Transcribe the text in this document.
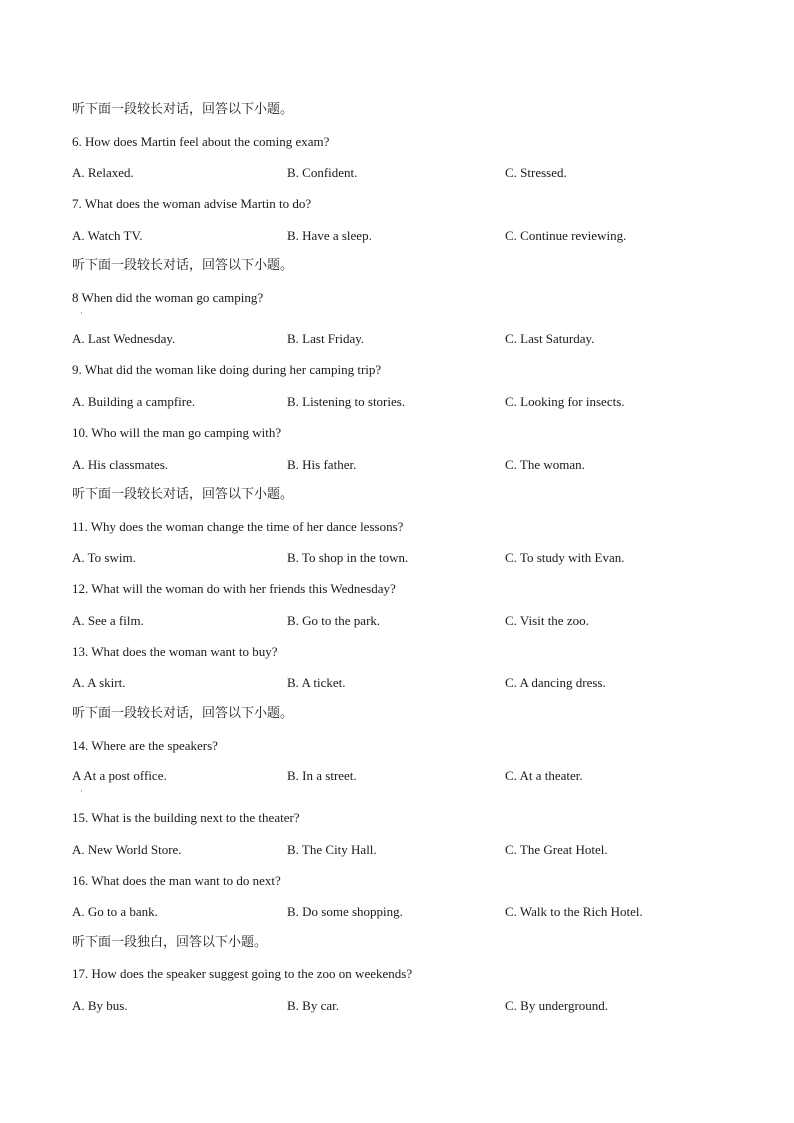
听下面一段较长对话，回答以下小题。
6. How does Martin feel about the coming exam?
A. Relaxed.	B. Confident.	C. Stressed.
7. What does the woman advise Martin to do?
A. Watch TV.	B. Have a sleep.	C. Continue reviewing.
听下面一段较长对话，回答以下小题。
8 When did the woman go camping?
·
A. Last Wednesday.	B. Last Friday.	C. Last Saturday.
9. What did the woman like doing during her camping trip?
A. Building a campfire.	B. Listening to stories.	C. Looking for insects.
10. Who will the man go camping with?
A. His classmates.	B. His father.	C. The woman.
听下面一段较长对话，回答以下小题。
11. Why does the woman change the time of her dance lessons?
A. To swim.	B. To shop in the town.	C. To study with Evan.
12. What will the woman do with her friends this Wednesday?
A. See a film.	B. Go to the park.	C. Visit the zoo.
13. What does the woman want to buy?
A. A skirt.	B. A ticket.	C. A dancing dress.
听下面一段较长对话，回答以下小题。
14. Where are the speakers?
A At a post office.	B. In a street.	C. At a theater.
·
15. What is the building next to the theater?
A. New World Store.	B. The City Hall.	C. The Great Hotel.
16. What does the man want to do next?
A. Go to a bank.	B. Do some shopping.	C. Walk to the Rich Hotel.
听下面一段独白，回答以下小题。
17. How does the speaker suggest going to the zoo on weekends?
A. By bus.	B. By car.	C. By underground.
